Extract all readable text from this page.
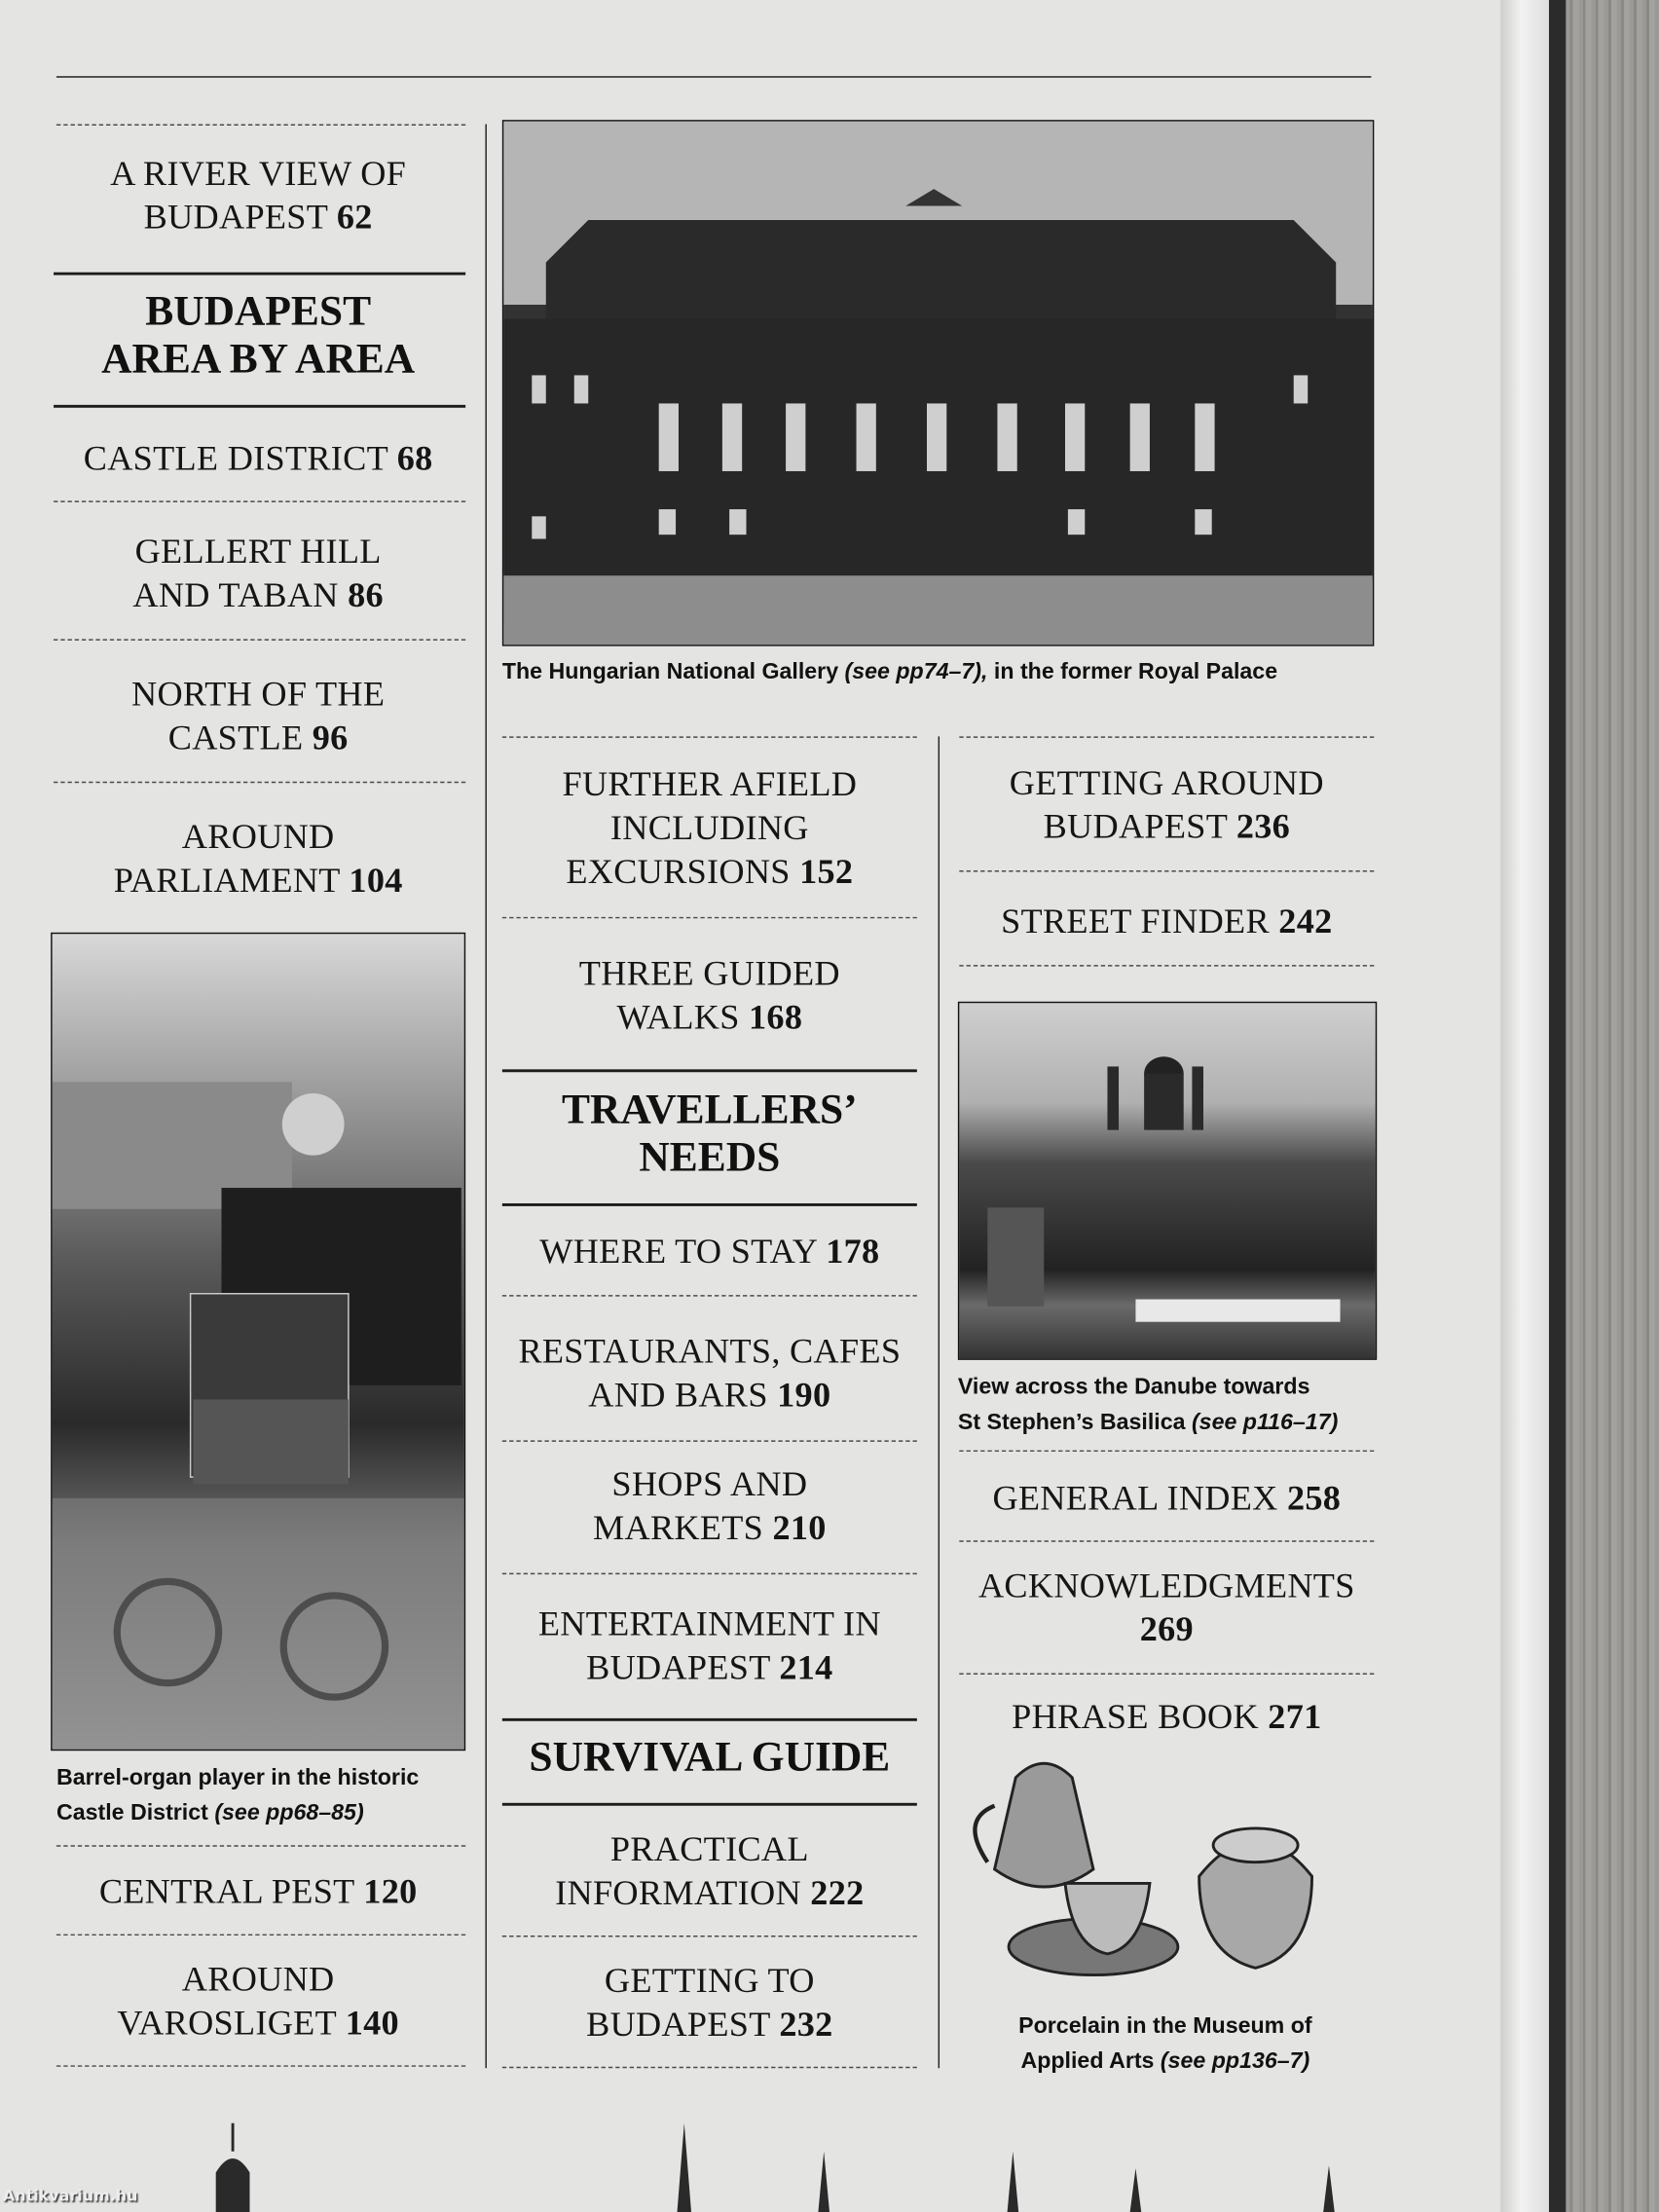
The Hungarian National Gallery (see pp74–7), in the former Royal Palace
A RIVER VIEW OF
BUDAPEST 62
BUDAPEST
AREA BY AREA
CASTLE DISTRICT 68
GELLERT HILL
AND TABAN 86
NORTH OF THE
CASTLE 96
AROUND
PARLIAMENT 104
Barrel-organ player in the historic
Castle District (see pp68–85)
CENTRAL PEST 120
AROUND
VAROSLIGET 140
FURTHER AFIELD
INCLUDING
EXCURSIONS 152
THREE GUIDED
WALKS 168
TRAVELLERS’
NEEDS
WHERE TO STAY 178
RESTAURANTS, CAFES
AND BARS 190
SHOPS AND
MARKETS 210
ENTERTAINMENT IN
BUDAPEST 214
SURVIVAL GUIDE
PRACTICAL
INFORMATION 222
GETTING TO
BUDAPEST 232
GETTING AROUND
BUDAPEST 236
STREET FINDER 242
View across the Danube towards
St Stephen’s Basilica (see p116–17)
GENERAL INDEX 258
ACKNOWLEDGMENTS
269
PHRASE BOOK 271
Porcelain in the Museum of
Applied Arts (see pp136–7)
Antikvarium.hu
